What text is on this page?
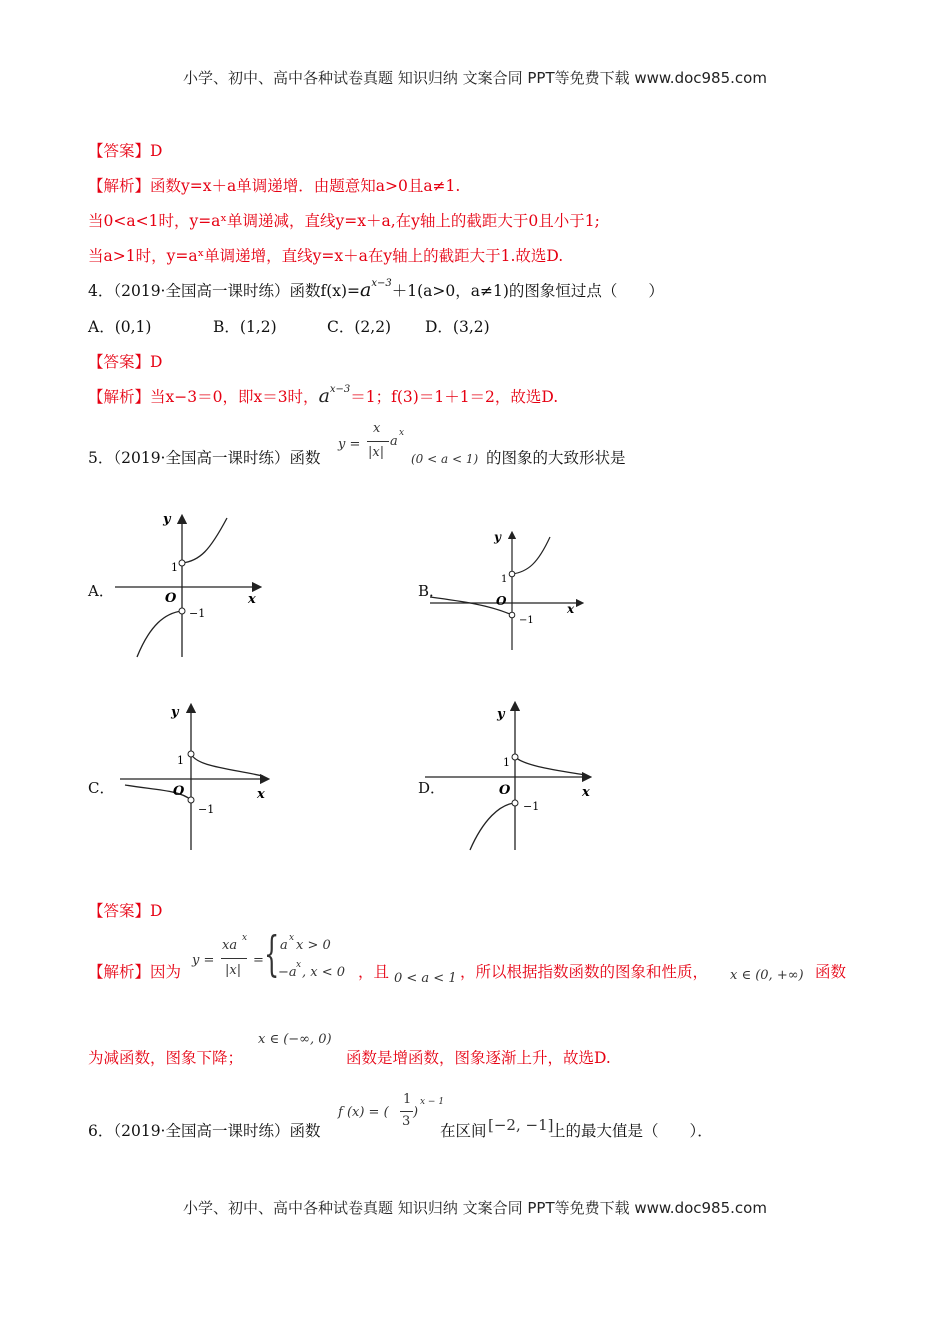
小学、初中、高中各种试卷真题 知识归纳 文案合同 PPT等免费下载 www.doc985.com
【答案】D
【解析】函数y=x＋a单调递增．由题意知a>0且a≠1.
当0<a<1时，y=aˣ单调递减，直线y=x＋a,在y轴上的截距大于0且小于1;
当a>1时，y=aˣ单调递增，直线y=x＋a在y轴上的截距大于1.故选D.
4．（2019·全国高一课时练）函数$f(x)=a^{x-3}+1(a>0$，a≠1)的图象恒过点（　　）
A．(0,1)	B．(1,2)	C．(2,2) D．(3,2)
【答案】D
【解析】当x−3＝0，即x＝3时，$a^{x-3}=1$；f(3)＝1＋1＝2，故选D.
5．（2019·全国高一课时练）函数
y =
x
|x|
a
x
(0 < a < 1) 的图象的大致形状是
A．	B．
C．	D．
y
x
O
1
−1
y
x
O
1
−1
y
x
O
1
−1
y
x
O
1
−1
【答案】D
【解析】因为
y =
xa x
|x|
= { a x x > 0
−a x , x < 0 ，且 0 < a < 1 ，所以根据指数函数的图象和性质， x ∈ (0, +∞) 函数
为减函数，图象下降；
x ∈ (−∞, 0)
函数是增函数，图象逐渐上升，故选D.
6．（2019·全国高一课时练）函数
f (x) = (
1
3
)
x − 1
在区间 [−2, −1]
上的最大值是（　　）．
小学、初中、高中各种试卷真题 知识归纳 文案合同 PPT等免费下载 www.doc985.com
